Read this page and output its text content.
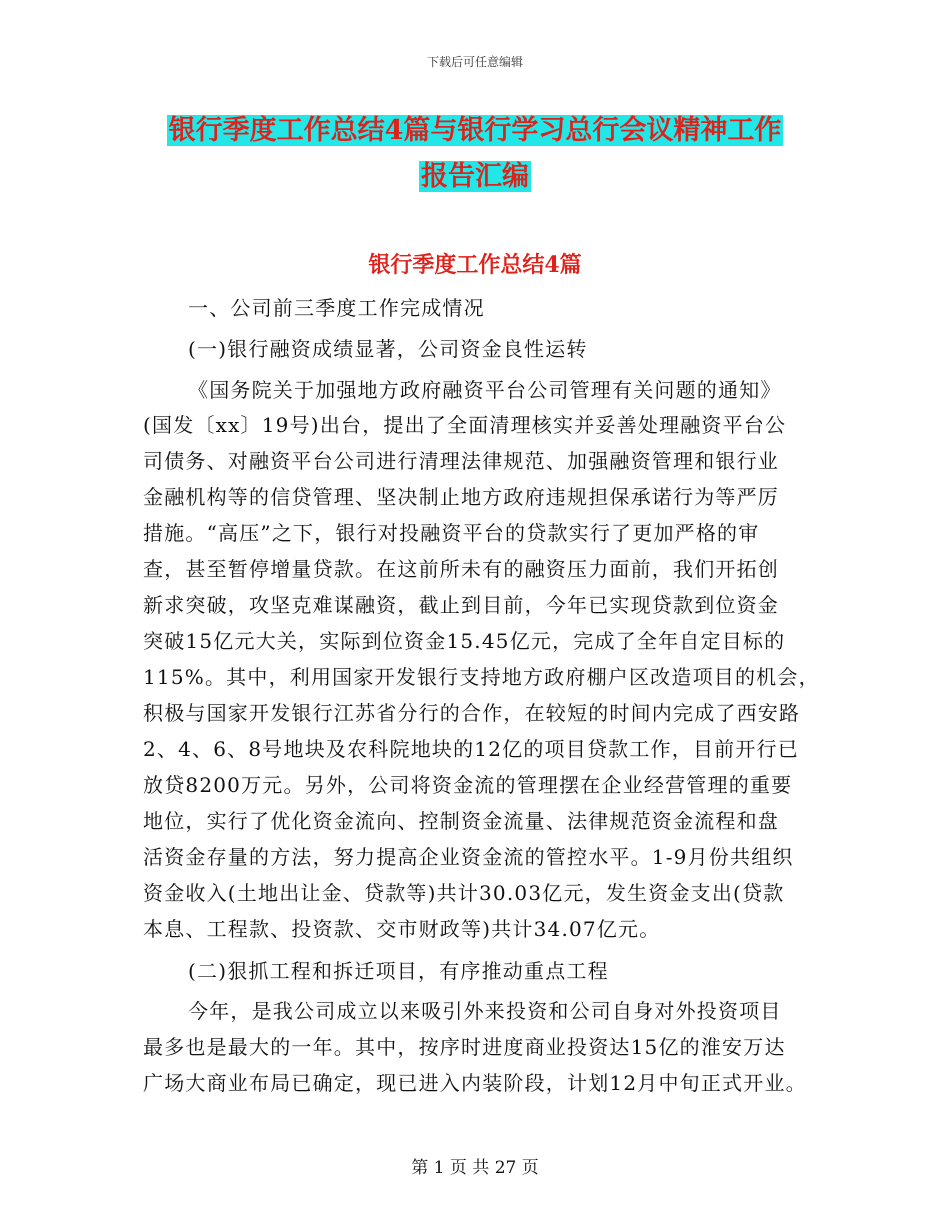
下载后可任意编辑
银行季度工作总结4篇与银行学习总行会议精神工作
报告汇编
银行季度工作总结4篇
一、公司前三季度工作完成情况
(一)银行融资成绩显著，公司资金良性运转
《国务院关于加强地方政府融资平台公司管理有关问题的通知》
(国发〔xx〕19号)出台，提出了全面清理核实并妥善处理融资平台公
司债务、对融资平台公司进行清理法律规范、加强融资管理和银行业
金融机构等的信贷管理、坚决制止地方政府违规担保承诺行为等严厉
措施。“高压”之下，银行对投融资平台的贷款实行了更加严格的审
查，甚至暂停增量贷款。在这前所未有的融资压力面前，我们开拓创
新求突破，攻坚克难谋融资，截止到目前，今年已实现贷款到位资金
突破15亿元大关，实际到位资金15.45亿元，完成了全年自定目标的
115%。其中，利用国家开发银行支持地方政府棚户区改造项目的机会，
积极与国家开发银行江苏省分行的合作，在较短的时间内完成了西安路
2、4、6、8号地块及农科院地块的12亿的项目贷款工作，目前开行已
放贷8200万元。另外，公司将资金流的管理摆在企业经营管理的重要
地位，实行了优化资金流向、控制资金流量、法律规范资金流程和盘
活资金存量的方法，努力提高企业资金流的管控水平。1-9月份共组织
资金收入(土地出让金、贷款等)共计30.03亿元，发生资金支出(贷款
本息、工程款、投资款、交市财政等)共计34.07亿元。
(二)狠抓工程和拆迁项目，有序推动重点工程
今年，是我公司成立以来吸引外来投资和公司自身对外投资项目
最多也是最大的一年。其中，按序时进度商业投资达15亿的淮安万达
广场大商业布局已确定，现已进入内装阶段，计划12月中旬正式开业。
第 1 页 共 27 页
